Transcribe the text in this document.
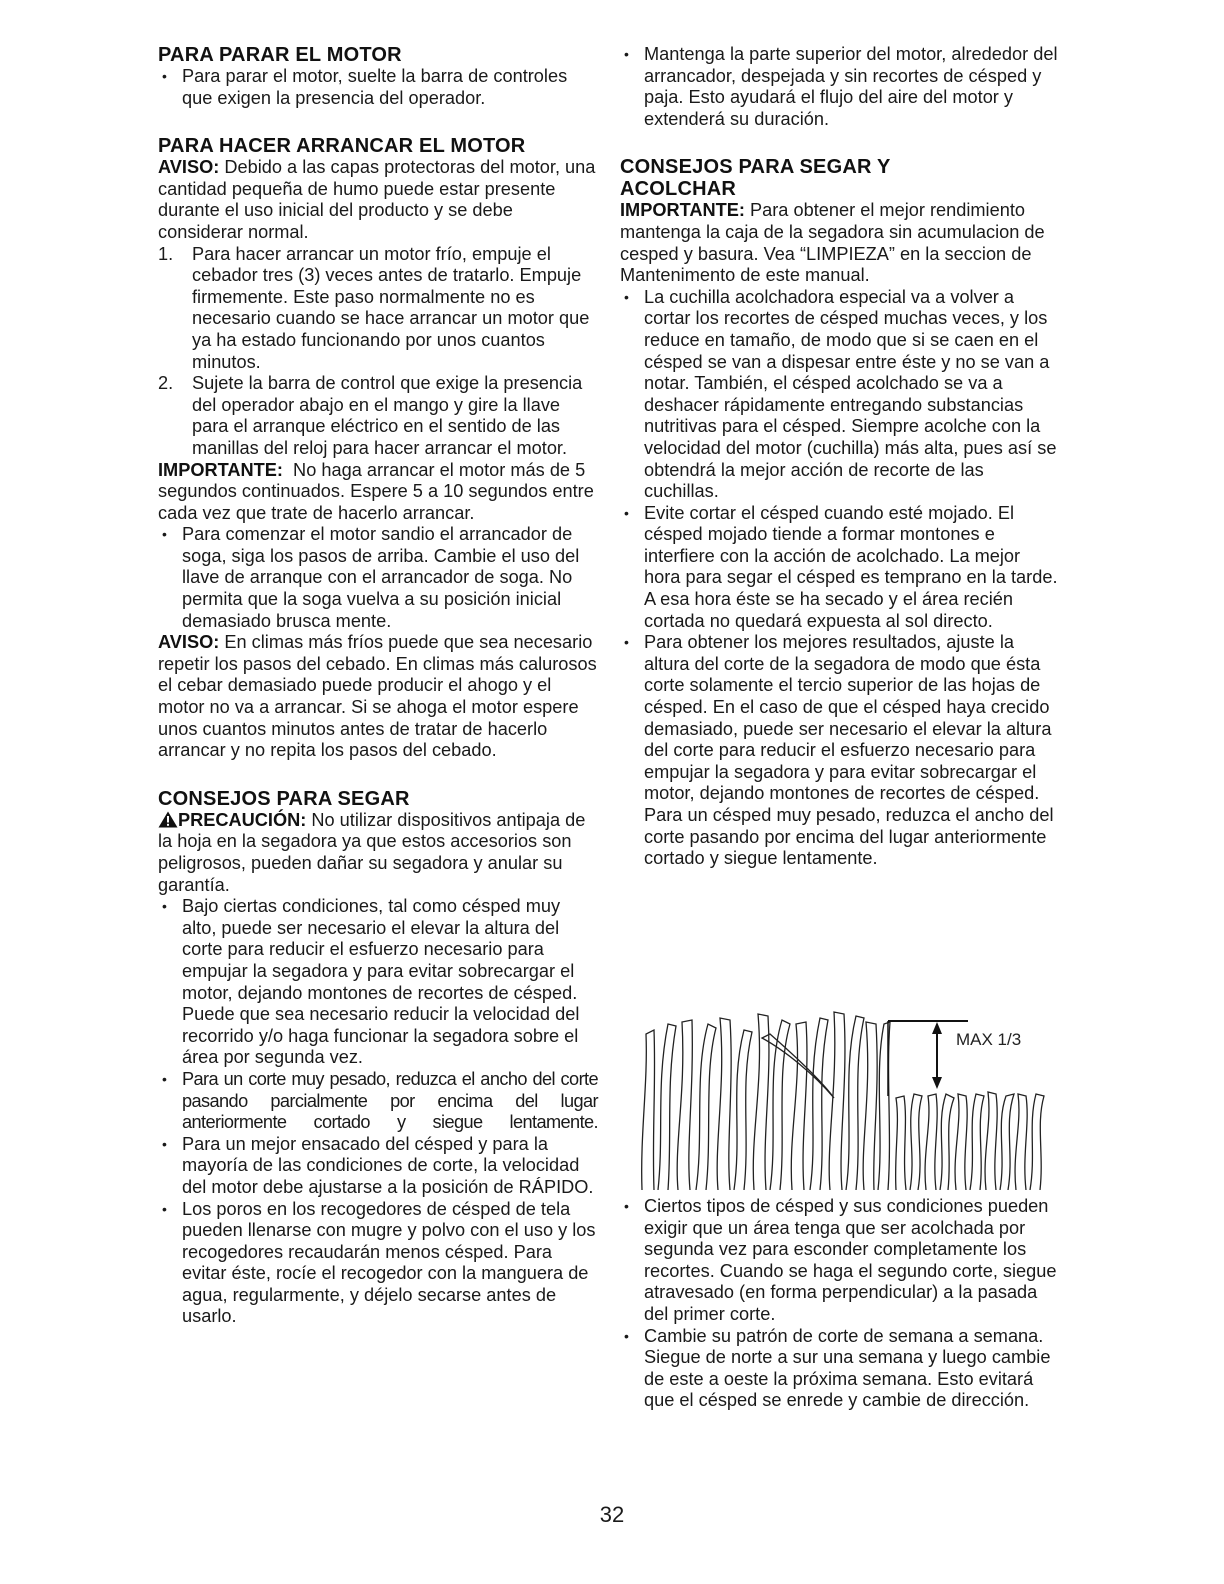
PARA PARAR EL MOTOR

• Para parar el motor, suelte la barra de controles que exigen la presencia del operador.

PARA HACER ARRANCAR EL MOTOR

AVISO: Debido a las capas protectoras del motor, una cantidad pequeña de humo puede estar presente durante el uso inicial del producto y se debe considerar normal.

1. Para hacer arrancar un motor frío, empuje el cebador tres (3) veces antes de tratarlo. Empuje firmemente. Este paso normalmente no es necesario cuando se hace arrancar un motor que ya ha estado funcionando por unos cuantos minutos.
2. Sujete la barra de control que exige la presencia del operador abajo en el mango y gire la llave para el arranque eléctrico en el sentido de las manillas del reloj para hacer arrancar el motor.

IMPORTANTE:  No haga arrancar el motor más de 5 segundos continuados. Espere 5 a 10 segundos entre cada vez que trate de hacerlo arrancar.

• Para comenzar el motor sandio el arrancador de soga, siga los pasos de arriba. Cambie el uso del llave de arranque con el arrancador de soga. No permita que la soga vuelva a su posición inicial demasiado brusca mente.

AVISO: En climas más fríos puede que sea necesario repetir los pasos del cebado. En climas más calurosos el cebar demasiado puede producir el ahogo y el motor no va a arrancar. Si se ahoga el motor espere unos cuantos minutos antes de tratar de hacerlo arrancar y no repita los pasos del cebado.

CONSEJOS PARA SEGAR

PRECAUCIÓN: No utilizar dispositivos antipaja de la hoja en la segadora ya que estos accesorios son peligrosos, pueden dañar su segadora y anular su garantía.

• Bajo ciertas condiciones, tal como césped muy alto, puede ser necesario el elevar la altura del corte para reducir el esfuerzo necesario para empujar la segadora y para evitar sobrecargar el motor, dejando montones de recortes de césped. Puede que sea necesario reducir la velocidad del recorrido y/o haga funcionar la segadora sobre el área por segunda vez.

• Para un corte muy pesado, reduzca el ancho del corte pasando parcialmente por encima del lugar anteriormente cortado y siegue lentamente.

• Para un mejor ensacado del césped y para la mayoría de las condiciones de corte, la velocidad del motor debe ajustarse a la posición de RÁPIDO.

• Los poros en los recogedores de césped de tela pueden llenarse con mugre y polvo con el uso y los recogedores recaudarán menos césped. Para evitar éste, rocíe el recogedor con la manguera de agua, regularmente, y déjelo secarse antes de usarlo.

• Mantenga la parte superior del motor, alrededor del arrancador, despejada y sin recortes de césped y paja. Esto ayudará el flujo del aire del motor y extenderá su duración.

CONSEJOS PARA SEGAR Y ACOLCHAR

IMPORTANTE: Para obtener el mejor rendimiento mantenga la caja de la segadora sin acumulacion de cesped y basura. Vea “LIMPIEZA” en la seccion de Mantenimento de este manual.

• La cuchilla acolchadora especial va a volver a cortar los recortes de césped muchas veces, y los reduce en tamaño, de modo que si se caen en el césped se van a dispesar entre éste y no se van a notar. También, el césped acolchado se va a deshacer rápidamente entregando substancias nutritivas para el césped. Siempre acolche con la velocidad del motor (cuchilla) más alta, pues así se obtendrá la mejor acción de recorte de las cuchillas.

• Evite cortar el césped cuando esté mojado. El césped mojado tiende a formar montones e interfiere con la acción de acolchado. La mejor hora para segar el césped es temprano en la tarde. A esa hora éste se ha secado y el área recién cortada no quedará expuesta al sol directo.

• Para obtener los mejores resultados, ajuste la altura del corte de la segadora de modo que ésta corte solamente el tercio superior de las hojas de césped. En el caso de que el césped haya crecido demasiado, puede ser necesario el elevar la altura del corte para reducir el esfuerzo necesario para empujar la segadora y para evitar sobrecargar el motor, dejando montones de recortes de césped. Para un césped muy pesado, reduzca el ancho del corte pasando por encima del lugar anteriormente cortado y siegue lentamente.

MAX 1/3

• Ciertos tipos de césped y sus condiciones pueden exigir que un área tenga que ser acolchada por segunda vez para esconder completamente los recortes. Cuando se haga el segundo corte, siegue atravesado (en forma perpendicular) a la pasada del primer corte.

• Cambie su patrón de corte de semana a semana. Siegue de norte a sur una semana y luego cambie de este a oeste la próxima semana. Esto evitará que el césped se enrede y cambie de dirección.

32
